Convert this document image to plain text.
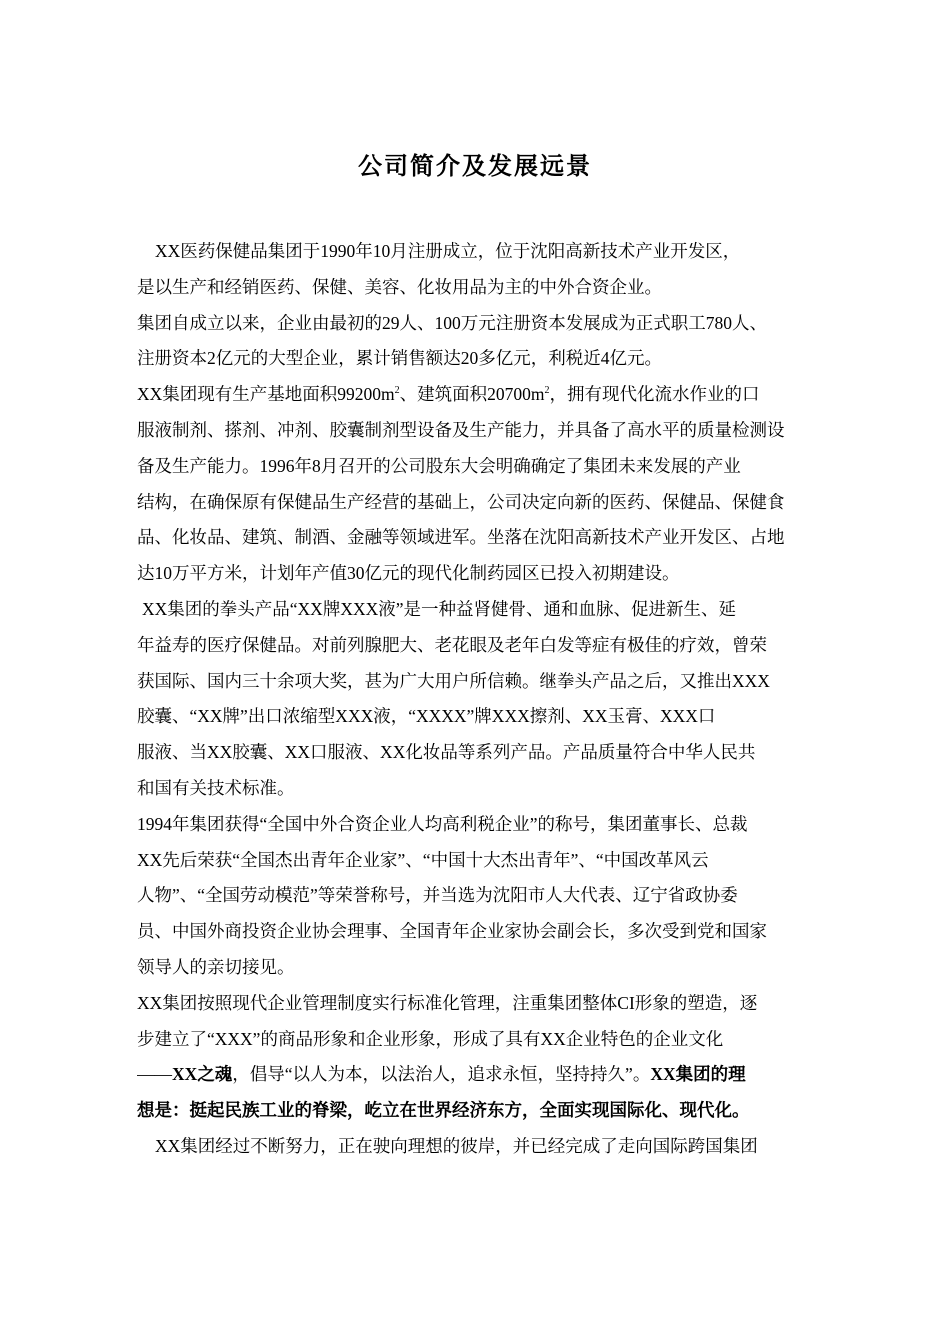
公司简介及发展远景
XX医药保健品集团于1990年10月注册成立，位于沈阳高新技术产业开发区，
是以生产和经销医药、保健、美容、化妆用品为主的中外合资企业。
集团自成立以来，企业由最初的29人、100万元注册资本发展成为正式职工780人、
注册资本2亿元的大型企业，累计销售额达20多亿元，利税近4亿元。
XX集团现有生产基地面积$99200m^2$、建筑面积$20700m^2$，拥有现代化流水作业的口
服液制剂、搽剂、冲剂、胶囊制剂型设备及生产能力，并具备了高水平的质量检测设
备及生产能力。1996年8月召开的公司股东大会明确确定了集团未来发展的产业
结构，在确保原有保健品生产经营的基础上，公司决定向新的医药、保健品、保健食
品、化妆品、建筑、制酒、金融等领域进军。坐落在沈阳高新技术产业开发区、占地
达10万平方米，计划年产值30亿元的现代化制药园区已投入初期建设。
XX集团的拳头产品“XX牌XXX液”是一种益肾健骨、通和血脉、促进新生、延
年益寿的医疗保健品。对前列腺肥大、老花眼及老年白发等症有极佳的疗效，曾荣
获国际、国内三十余项大奖，甚为广大用户所信赖。继拳头产品之后，又推出XXX
胶囊、“XX牌”出口浓缩型XXX液，“XXXX”牌XXX擦剂、XX玉膏、XXX口
服液、当XX胶囊、XX口服液、XX化妆品等系列产品。产品质量符合中华人民共
和国有关技术标准。
1994年集团获得“全国中外合资企业人均高利税企业”的称号，集团董事长、总裁
XX先后荣获“全国杰出青年企业家”、“中国十大杰出青年”、“中国改革风云
人物”、“全国劳动模范”等荣誉称号，并当选为沈阳市人大代表、辽宁省政协委
员、中国外商投资企业协会理事、全国青年企业家协会副会长，多次受到党和国家
领导人的亲切接见。
XX集团按照现代企业管理制度实行标准化管理，注重集团整体CI形象的塑造，逐
步建立了“XXX”的商品形象和企业形象，形成了具有XX企业特色的企业文化
——XX之魂，倡导“以人为本，以法治人，追求永恒，坚持持久”。XX集团的理
想是：挺起民族工业的脊梁，屹立在世界经济东方，全面实现国际化、现代化。
XX集团经过不断努力，正在驶向理想的彼岸，并已经完成了走向国际跨国集团
